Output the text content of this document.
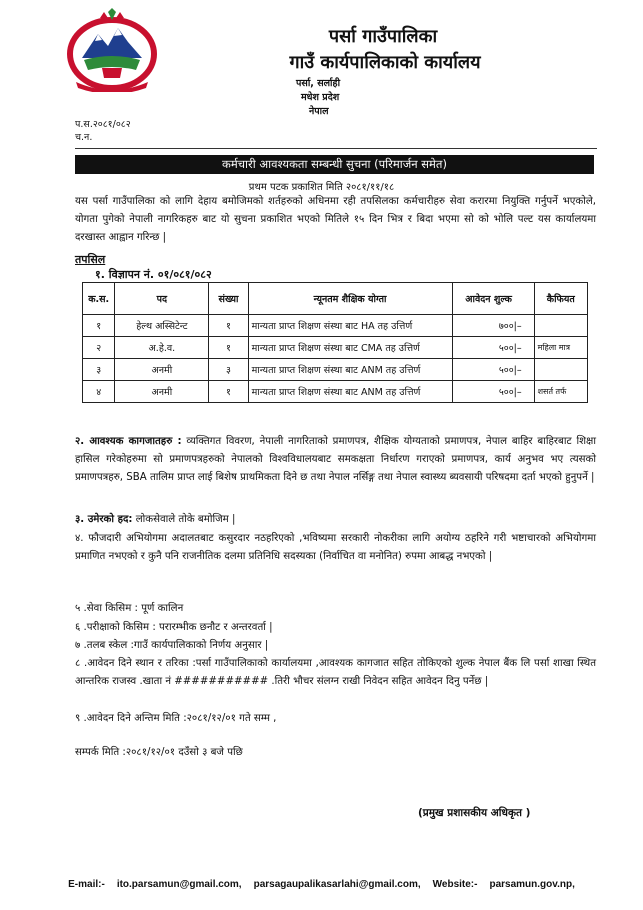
पर्सा गाउँपालिका
गाउँ कार्यपालिकाको कार्यालय
पर्सा, सर्लाही
मधेश प्रदेश
नेपाल
प.स.२०८१/०८२
च.न.
कर्मचारी आवश्यकता सम्बन्धी सुचना (परिमार्जन समेत)
प्रथम पटक प्रकाशित मिति २०८१/११/१८
यस पर्सा गाउँपालिका को लागि देहाय बमोजिमको शर्तहरुको अधिनमा रही तपसिलका कर्मचारीहरु सेवा करारमा नियुक्ति गर्नुपर्ने भएकोले, योगता पुगेको नेपाली नागरिकहरु बाट यो सुचना प्रकाशित भएको मितिले १५ दिन भित्र र बिदा भएमा सो को भोलि पल्ट यस कार्यालयमा दरखास्त आह्वान गरिन्छ |
तपसिल
१. विज्ञापन नं. ०१/०८१/०८२
क.स.	पद	संख्या	न्यूनतम शैक्षिक योग्ता	आवेदन शुल्क	कैफियत
१	हेल्थ अस्सिटेन्ट	१	मान्यता प्राप्त शिक्षण संस्था बाट HA तह उत्तिर्ण	७००|–	
२	अ.हे.व.	१	मान्यता प्राप्त शिक्षण संस्था बाट CMA तह उत्तिर्ण	५००|–	महिला मात्र
३	अनमी	३	मान्यता प्राप्त शिक्षण संस्था बाट ANM तह उत्तिर्ण	५००|–	
४	अनमी	१	मान्यता प्राप्त शिक्षण संस्था बाट ANM तह उत्तिर्ण	५००|–	शसर्त तर्फ
२. आवश्यक कागजातहरु : व्यक्तिगत विवरण, नेपाली नागरिताको प्रमाणपत्र, शैक्षिक योग्यताको प्रमाणपत्र, नेपाल बाहिर बाहिरबाट शिक्षा हासिल गरेकोहरुमा सो प्रमाणपत्रहरुको नेपालको विश्वविधालयबाट समकक्षता निर्धारण गराएको प्रमाणपत्र, कार्य अनुभव भए त्यसको प्रमाणपत्रहरु, SBA तालिम प्राप्त लाई बिशेष प्राथमिकता दिने छ तथा नेपाल नर्सिङ्ग तथा नेपाल स्वास्थ्य ब्यवसायी परिषदमा दर्ता भएको हुनुपर्ने |
३. उमेरको हद: लोकसेवाले तोके बमोजिम |
४. फौजदारी अभियोगमा अदालतबाट कसुरदार नठहरिएको ,भविष्यमा सरकारी नोकरीका लागि अयोग्य ठहरिने गरी भष्टाचारको अभियोगमा प्रमाणित नभएको र कुनै पनि राजनीतिक दलमा प्रतिनिधि सदस्यका (निर्वाचित वा मनोनित) रुपमा आबद्ध नभएको |
५ .सेवा किसिम : पूर्ण कालिन
६ .परीक्षाको किसिम : परारम्भीक छनौट र अन्तरवर्ता |
७ .तलब स्केल :गाउँ कार्यपालिकाको निर्णय अनुसार |
८ .आवेदन दिने स्थान र तरिका :पर्सा गाउँपालिकाको कार्यालयमा ,आवश्यक कागजात सहित तोकिएको शुल्क नेपाल बैंक लि पर्सा शाखा स्थित आन्तरिक राजस्व .खाता नं ########### .तिरी भौचर संलग्न राखी निवेदन सहित आवेदन दिनु पर्नेछ |
९ .आवेदन दिने अन्तिम मिति :२०८१/१२/०१ गते सम्म ,
सम्पर्क मिति :२०८१/१२/०१ दउँसो ३ बजे पछि
(प्रमुख प्रशासकीय अधिकृत )
E-mail:- ito.parsamun@gmail.com, parsagaupalikasarlahi@gmail.com, Website:- parsamun.gov.np,
